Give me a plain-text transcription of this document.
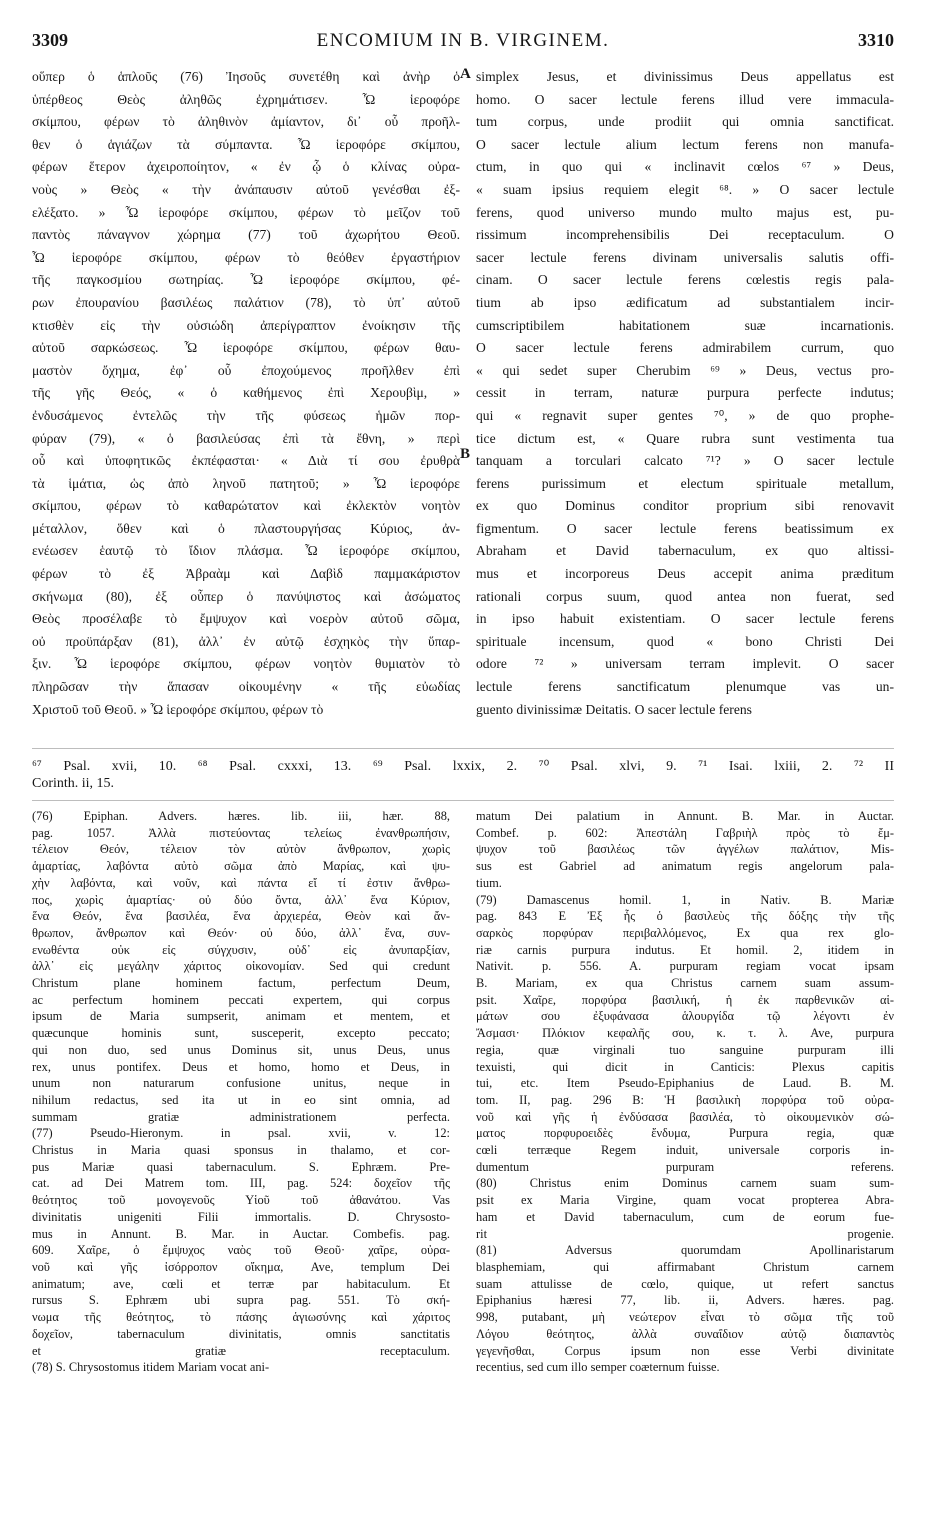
3309	ENCOMIUM IN B. VIRGINEM.	3310
οὕπερ ὁ ἁπλοῦς (76) Ἰησοῦς συνετέθη καὶ ἀνὴρ ὁ
ὑπέρθεος Θεὸς ἀληθῶς ἐχρημάτισεν. Ὦ ἱεροφόρε
σκίμπου, φέρων τὸ ἀληθινὸν ἀμίαντον, δι᾽ οὗ προῆλ-
θεν ὁ ἁγιάζων τὰ σύμπαντα. Ὦ ἱεροφόρε σκίμπου,
φέρων ἕτερον ἀχειροποίητον, « ἐν ᾧ ὁ κλίνας οὐρα-
νοὺς » Θεὸς « τὴν ἀνάπαυσιν αὐτοῦ γενέσθαι ἐξ-
ελέξατο. » Ὦ ἱεροφόρε σκίμπου, φέρων τὸ μεῖζον τοῦ
παντὸς πάναγνον χώρημα (77) τοῦ ἀχωρήτου Θεοῦ.
Ὦ ἱεροφόρε σκίμπου, φέρων τὸ θεόθεν ἐργαστήριον
τῆς παγκοσμίου σωτηρίας. Ὦ ἱεροφόρε σκίμπου, φέ-
ρων ἐπουρανίου βασιλέως παλάτιον (78), τὸ ὑπ᾽ αὐτοῦ
κτισθὲν εἰς τὴν οὐσιώδη ἀπερίγραπτον ἐνοίκησιν τῆς
αὐτοῦ σαρκώσεως. Ὦ ἱεροφόρε σκίμπου, φέρων θαυ-
μαστὸν ὄχημα, ἐφ᾽ οὗ ἐποχούμενος προῆλθεν ἐπὶ
τῆς γῆς Θεός, « ὁ καθήμενος ἐπὶ Χερουβὶμ, »
ἐνδυσάμενος ἐντελῶς τὴν τῆς φύσεως ἡμῶν πορ-
φύραν (79), « ὁ βασιλεύσας ἐπὶ τὰ ἔθνη, » περὶ
οὗ καὶ ὑποφητικῶς ἐκπέφασται· « Διὰ τί σου ἐρυθρὰ
τὰ ἱμάτια, ὡς ἀπὸ ληνοῦ πατητοῦ; » Ὦ ἱεροφόρε
σκίμπου, φέρων τὸ καθαρώτατον καὶ ἐκλεκτὸν νοητὸν
μέταλλον, ὅθεν καὶ ὁ πλαστουργήσας Κύριος, ἀν-
ενέωσεν ἑαυτῷ τὸ ἴδιον πλάσμα. Ὦ ἱεροφόρε σκίμπου,
φέρων τὸ ἐξ Ἀβραὰμ καὶ Δαβὶδ παμμακάριστον
σκήνωμα (80), ἐξ οὗπερ ὁ πανύψιστος καὶ ἀσώματος
Θεὸς προσέλαβε τὸ ἔμψυχον καὶ νοερὸν αὐτοῦ σῶμα,
οὐ προϋπάρξαν (81), ἀλλ᾽ ἐν αὐτῷ ἐσχηκὸς τὴν ὕπαρ-
ξιν. Ὦ ἱεροφόρε σκίμπου, φέρων νοητὸν θυμιατὸν τὸ
πληρῶσαν τὴν ἅπασαν οἰκουμένην « τῆς εὐωδίας
Χριστοῦ τοῦ Θεοῦ. » Ὦ ἱεροφόρε σκίμπου, φέρων τὸ
simplex Jesus, et divinissimus Deus appellatus est
homo. O sacer lectule ferens illud vere immacula-
tum corpus, unde prodiit qui omnia sanctificat.
O sacer lectule alium lectum ferens non manufa-
ctum, in quo qui « inclinavit cœlos ⁶⁷ » Deus,
« suam ipsius requiem elegit ⁶⁸. » O sacer lectule
ferens, quod universo mundo multo majus est, pu-
rissimum incomprehensibilis Dei receptaculum. O
sacer lectule ferens divinam universalis salutis offi-
cinam. O sacer lectule ferens cœlestis regis pala-
tium ab ipso ædificatum ad substantialem incir-
cumscriptibilem habitationem suæ incarnationis.
O sacer lectule ferens admirabilem currum, quo
« qui sedet super Cherubim ⁶⁹ » Deus, vectus pro-
cessit in terram, naturæ purpura perfecte indutus;
qui « regnavit super gentes ⁷⁰, » de quo prophe-
tice dictum est, « Quare rubra sunt vestimenta tua
tanquam a torculari calcato ⁷¹? » O sacer lectule
ferens purissimum et electum spirituale metallum,
ex quo Dominus conditor proprium sibi renovavit
figmentum. O sacer lectule ferens beatissimum ex
Abraham et David tabernaculum, ex quo altissi-
mus et incorporeus Deus accepit anima præditum
rationali corpus suum, quod antea non fuerat, sed
in ipso habuit existentiam. O sacer lectule ferens
spirituale incensum, quod « bono Christi Dei
odore ⁷² » universam terram implevit. O sacer
lectule ferens sanctificatum plenumque vas un-
guento divinissimæ Deitatis. O sacer lectule ferens
A
B
⁶⁷ Psal. xvii, 10. ⁶⁸ Psal. cxxxi, 13. ⁶⁹ Psal. lxxix, 2. ⁷⁰ Psal. xlvi, 9. ⁷¹ Isai. lxiii, 2. ⁷² II
Corinth. ii, 15.
(76) Epiphan. Advers. hæres. lib. iii, hær. 88,
pag. 1057. Ἀλλὰ πιστεύοντας τελείως ἐνανθρωπήσιν,
τέλειον Θεόν, τέλειον τὸν αὐτὸν ἄνθρωπον, χωρὶς
ἁμαρτίας, λαβόντα αὐτὸ σῶμα ἀπὸ Μαρίας, καὶ ψυ-
χὴν λαβόντα, καὶ νοῦν, καὶ πάντα εἴ τί ἐστιν ἄνθρω-
πος, χωρὶς ἁμαρτίας· οὐ δύο ὄντα, ἀλλ᾽ ἕνα Κύριον,
ἕνα Θεόν, ἕνα βασιλέα, ἕνα ἀρχιερέα, Θεὸν καὶ ἄν-
θρωπον, ἄνθρωπον καὶ Θεόν· οὐ δύο, ἀλλ᾽ ἕνα, συν-
ενωθέντα οὐκ εἰς σύγχυσιν, οὐδ᾽ εἰς ἀνυπαρξίαν,
ἀλλ᾽ εἰς μεγάλην χάριτος οἰκονομίαν. Sed qui credunt
Christum plane hominem factum, perfectum Deum,
ac perfectum hominem peccati expertem, qui corpus
ipsum de Maria sumpserit, animam et mentem, et
quæcunque hominis sunt, susceperit, excepto peccato;
qui non duo, sed unus Dominus sit, unus Deus, unus
rex, unus pontifex. Deus et homo, homo et Deus, in
unum non naturarum confusione unitus, neque in
nihilum redactus, sed ita ut in eo sint omnia, ad
summam gratiæ administrationem perfecta.
(77) Pseudo-Hieronym. in psal. xvii, v. 12:
Christus in Maria quasi sponsus in thalamo, et cor-
pus Mariæ quasi tabernaculum. S. Ephræm. Pre-
cat. ad Dei Matrem tom. III, pag. 524: δοχεῖον τῆς
θεότητος τοῦ μονογενοῦς Υἱοῦ τοῦ ἀθανάτου. Vas
divinitatis unigeniti Filii immortalis. D. Chrysosto-
mus in Annunt. B. Mar. in Auctar. Combefis. pag.
609. Χαῖρε, ὁ ἔμψυχος ναὸς τοῦ Θεοῦ· χαῖρε, οὐρα-
νοῦ καὶ γῆς ἰσόρροπον οἴκημα, Ave, templum Dei
animatum; ave, cœli et terræ par habitaculum. Et
rursus S. Ephræm ubi supra pag. 551. Τὸ σκή-
νωμα τῆς θεότητος, τὸ πάσης ἁγιωσύνης καὶ χάριτος
δοχεῖον, tabernaculum divinitatis, omnis sanctitatis
et gratiæ receptaculum.
(78) S. Chrysostomus itidem Mariam vocat ani-
matum Dei palatium in Annunt. B. Mar. in Auctar.
Combef. p. 602: Ἀπεστάλη Γαβριὴλ πρὸς τὸ ἔμ-
ψυχον τοῦ βασιλέως τῶν ἀγγέλων παλάτιον, Mis-
sus est Gabriel ad animatum regis angelorum pala-
tium.
(79) Damascenus homil. 1, in Nativ. B. Mariæ
pag. 843 E Ἐξ ἧς ὁ βασιλεὺς τῆς δόξης τὴν τῆς
σαρκὸς πορφύραν περιβαλλόμενος, Ex qua rex glo-
riæ carnis purpura indutus. Et homil. 2, itidem in
Nativit. p. 556. A. purpuram regiam vocat ipsam
B. Mariam, ex qua Christus carnem suam assum-
psit. Χαῖρε, πορφύρα βασιλική, ἡ ἐκ παρθενικῶν αἱ-
μάτων σου ἐξυφάνασα ἁλουργίδα τῷ λέγοντι ἐν
Ἄσμασι· Πλόκιον κεφαλῆς σου, κ. τ. λ. Ave, purpura
regia, quæ virginali tuo sanguine purpuram illi
texuisti, qui dicit in Canticis: Plexus capitis
tui, etc. Item Pseudo-Epiphanius de Laud. B. M.
tom. II, pag. 296 B: Ἡ βασιλικὴ πορφύρα τοῦ οὐρα-
νοῦ καὶ γῆς ἡ ἐνδύσασα βασιλέα, τὸ οἰκουμενικὸν σώ-
ματος πορφυροειδὲς ἔνδυμα, Purpura regia, quæ
cœli terræque Regem induit, universale corporis in-
dumentum purpuram referens.
(80) Christus enim Dominus carnem suam sum-
psit ex Maria Virgine, quam vocat propterea Abra-
ham et David tabernaculum, cum de eorum fue-
rit progenie.
(81) Adversus quorumdam Apollinaristarum
blasphemiam, qui affirmabant Christum carnem
suam attulisse de cœlo, quique, ut refert sanctus
Epiphanius hæresi 77, lib. ii, Advers. hæres. pag.
998, putabant, μὴ νεώτερον εἶναι τὸ σῶμα τῆς τοῦ
Λόγου θεότητος, ἀλλὰ συναΐδιον αὐτῷ διαπαντὸς
γεγενῆσθαι, Corpus ipsum non esse Verbi divinitate
recentius, sed cum illo semper coæternum fuisse.
